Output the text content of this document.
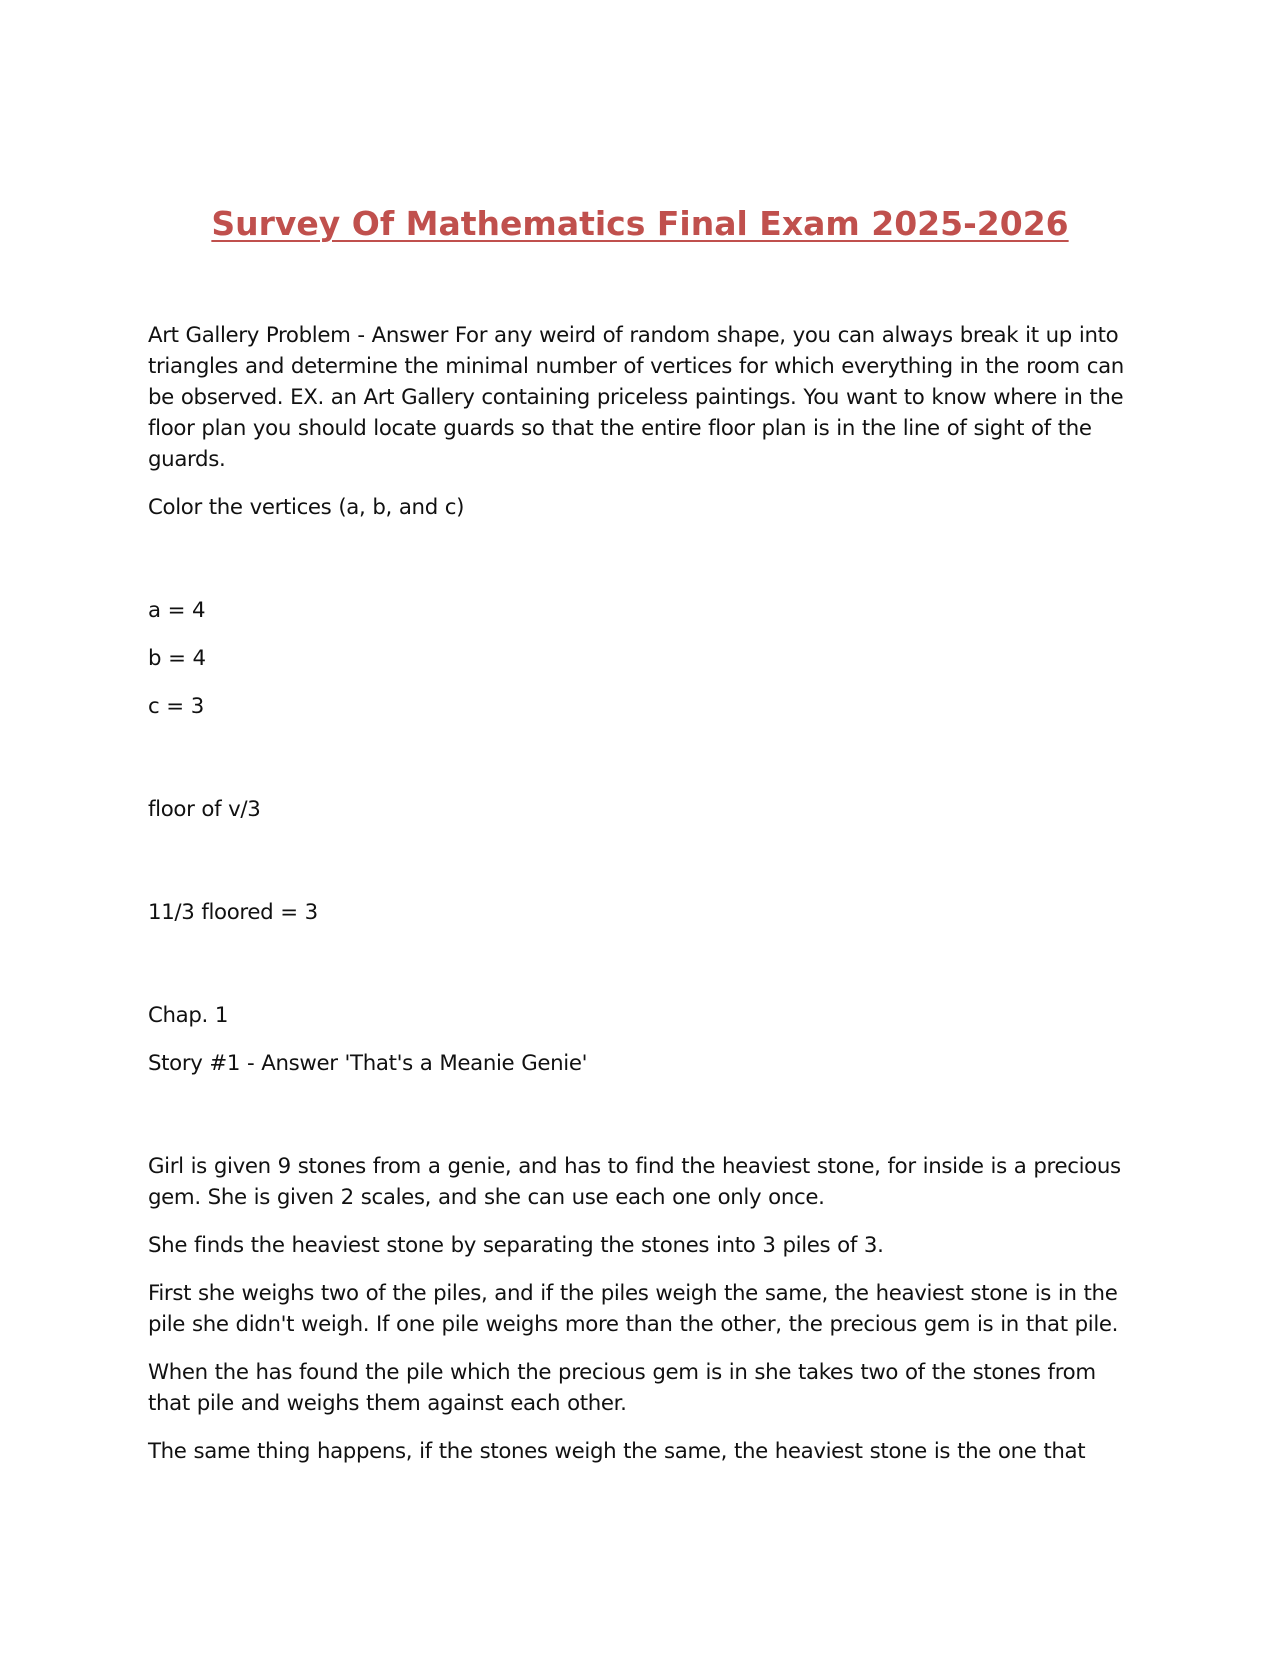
Survey Of Mathematics Final Exam 2025-2026

Art Gallery Problem - Answer For any weird of random shape, you can always break it up into triangles and determine the minimal number of vertices for which everything in the room can be observed. EX. an Art Gallery containing priceless paintings. You want to know where in the floor plan you should locate guards so that the entire floor plan is in the line of sight of the guards.

Color the vertices (a, b, and c)

a = 4

b = 4

c = 3

floor of v/3

11/3 floored = 3

Chap. 1

Story #1 - Answer 'That's a Meanie Genie'

Girl is given 9 stones from a genie, and has to find the heaviest stone, for inside is a precious gem. She is given 2 scales, and she can use each one only once.

She finds the heaviest stone by separating the stones into 3 piles of 3.

First she weighs two of the piles, and if the piles weigh the same, the heaviest stone is in the pile she didn't weigh. If one pile weighs more than the other, the precious gem is in that pile.

When the has found the pile which the precious gem is in she takes two of the stones from that pile and weighs them against each other.

The same thing happens, if the stones weigh the same, the heaviest stone is the one that
